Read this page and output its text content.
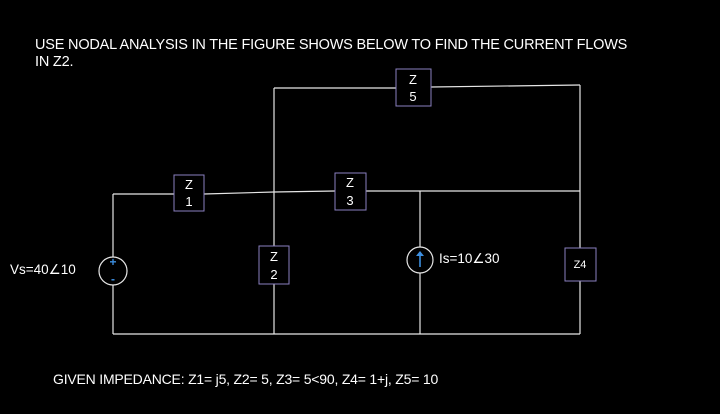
USE NODAL ANALYSIS IN THE FIGURE SHOWS BELOW TO FIND THE CURRENT FLOWS
IN Z2.
+
-
Z
1
Z
3
Z
2
Z
5
Z4
Vs=40∠10
Is=10∠30
GIVEN IMPEDANCE: Z1= j5, Z2= 5, Z3= 5<90, Z4= 1+j, Z5= 10
